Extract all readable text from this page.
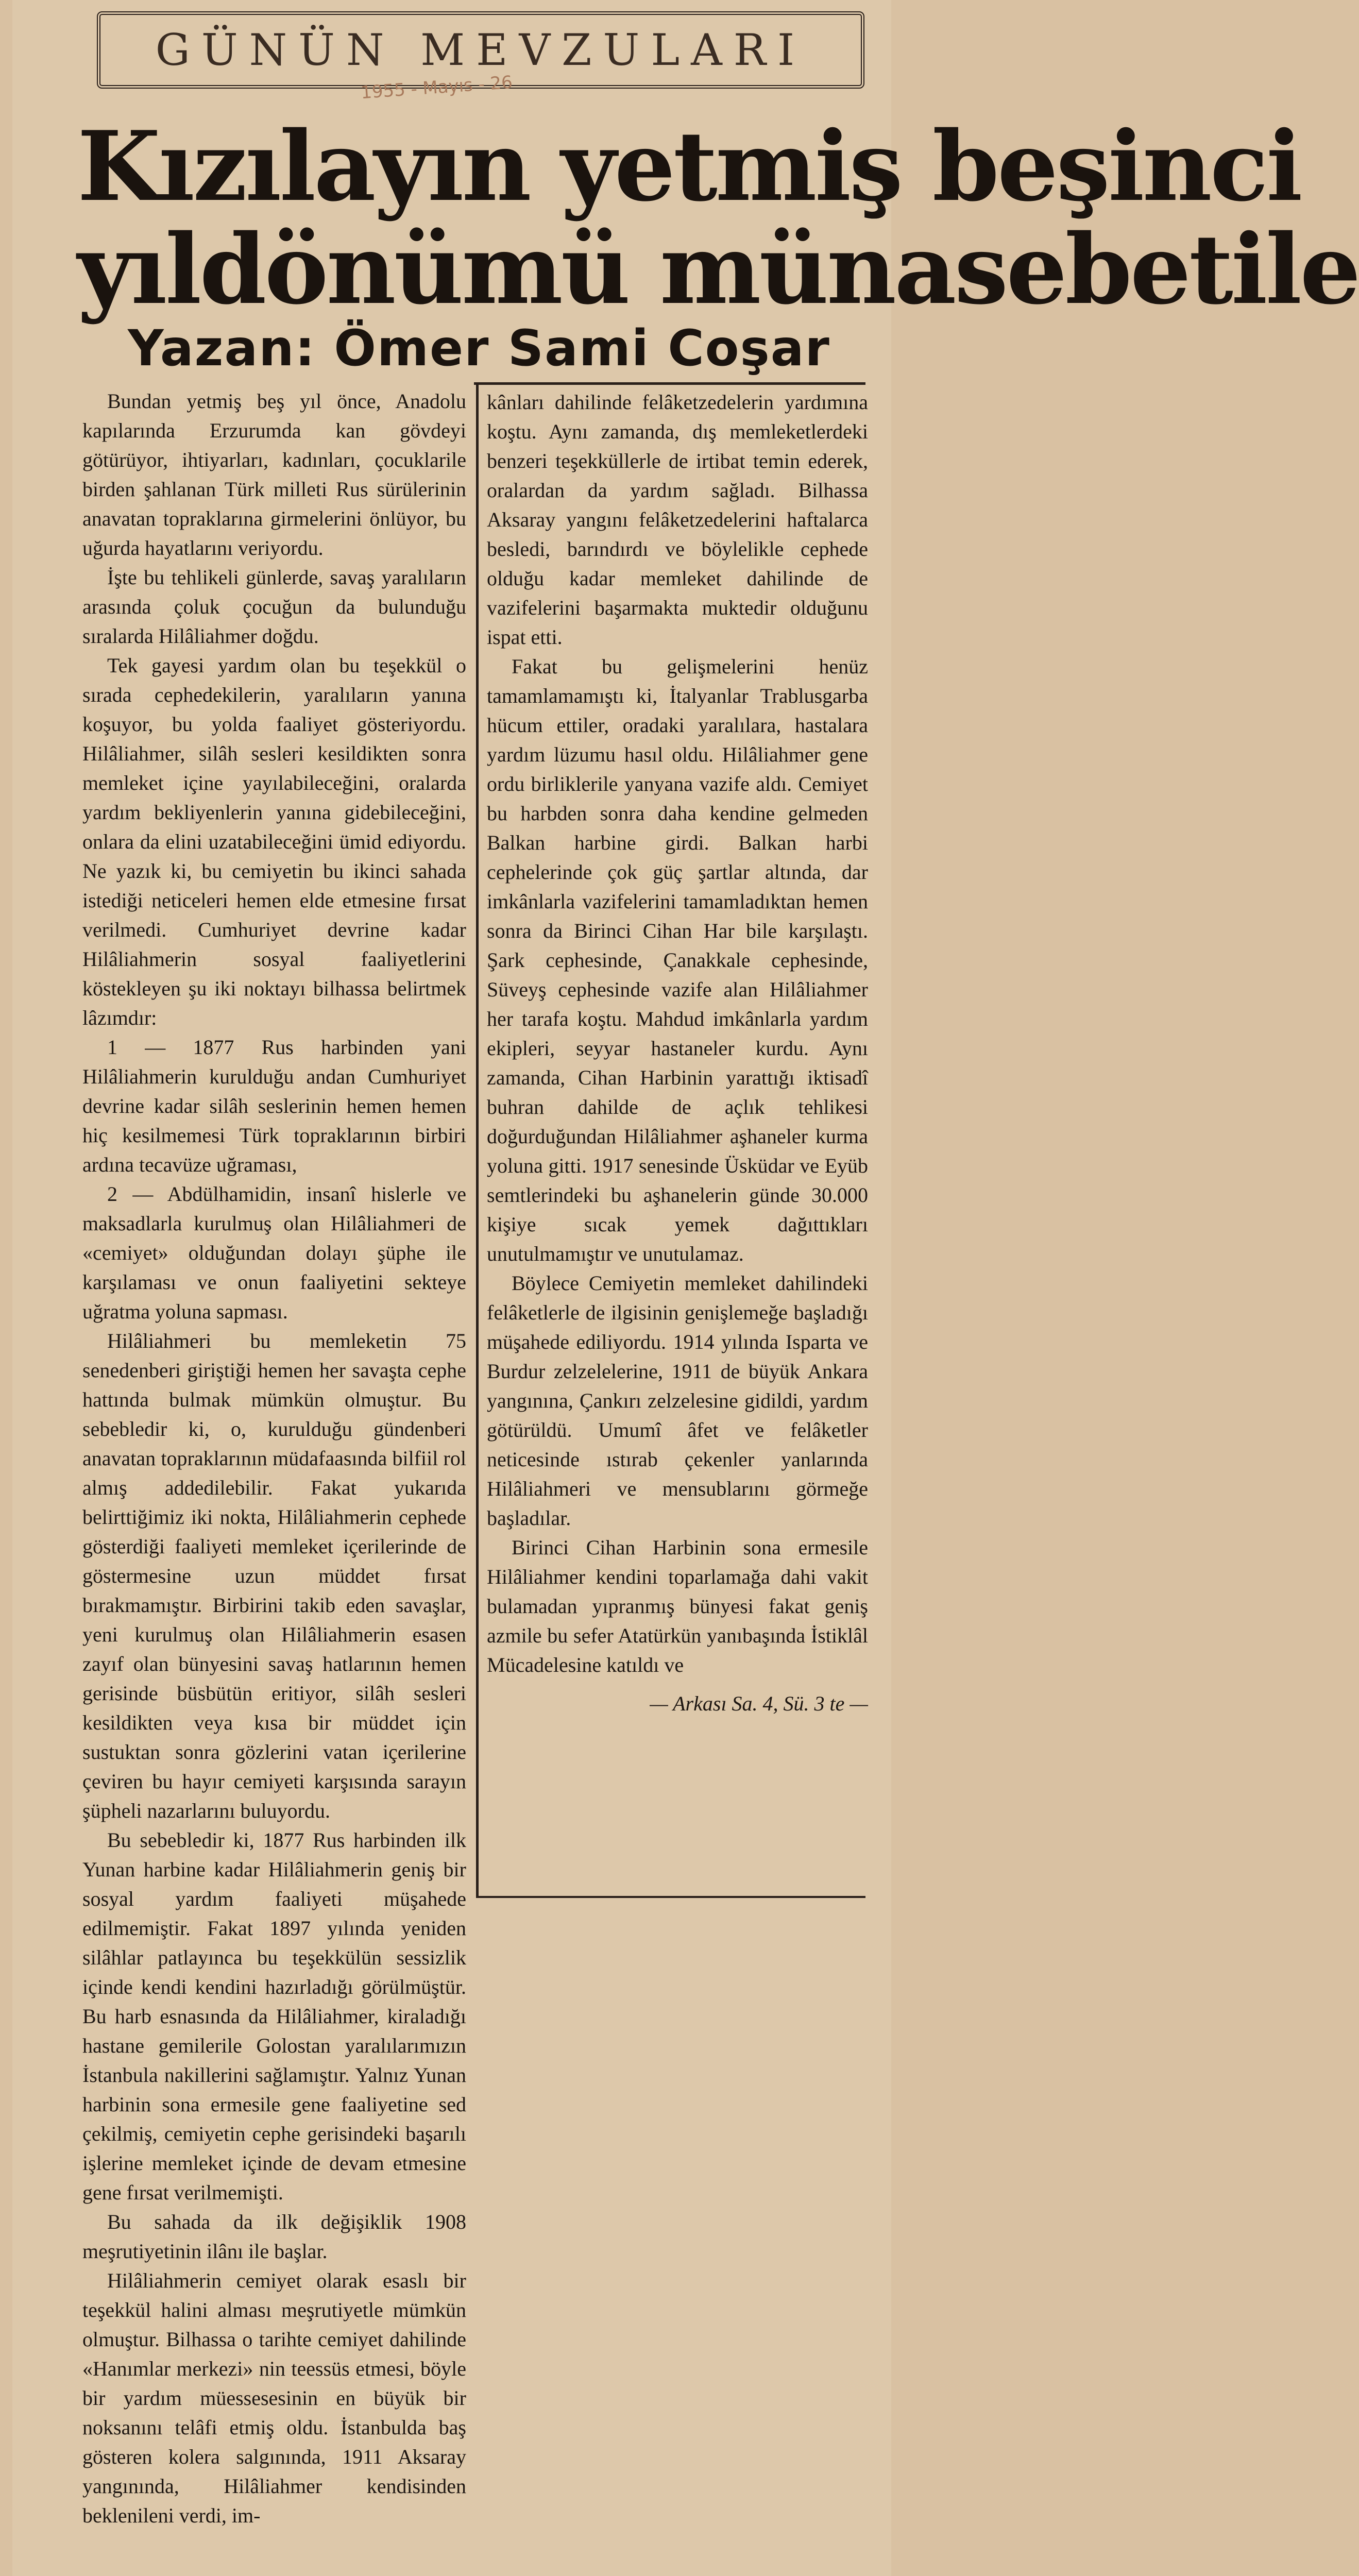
GÜNÜN MEVZULARI
1955 - Mayıs - 26
Kızılayın yetmiş beşinci
yıldönümü münasebetile
Yazan: Ömer Sami Coşar

Bundan yetmiş beş yıl önce, Anadolu kapılarında Erzurumda kan gövdeyi götürüyor, ihtiyarları, kadınları, çocuklarile birden şahlanan Türk milleti Rus sürülerinin anavatan topraklarına girmelerini önlüyor, bu uğurda hayatlarını veriyordu.

İşte bu tehlikeli günlerde, savaş yaralıların arasında çoluk çocuğun da bulunduğu sıralarda Hilâliahmer doğdu.

Tek gayesi yardım olan bu teşekkül o sırada cephedekilerin, yaralıların yanına koşuyor, bu yolda faaliyet gösteriyordu. Hilâliahmer, silâh sesleri kesildikten sonra memleket içine yayılabileceğini, oralarda yardım bekliyenlerin yanına gidebileceğini, onlara da elini uzatabileceğini ümid ediyordu. Ne yazık ki, bu cemiyetin bu ikinci sahada istediği neticeleri hemen elde etmesine fırsat verilmedi. Cumhuriyet devrine kadar Hilâliahmerin sosyal faaliyetlerini köstekleyen şu iki noktayı bilhassa belirtmek lâzımdır:

1 — 1877 Rus harbinden yani Hilâliahmerin kurulduğu andan Cumhuriyet devrine kadar silâh seslerinin hemen hemen hiç kesilmemesi Türk topraklarının birbiri ardına tecavüze uğraması,

2 — Abdülhamidin, insanî hislerle ve maksadlarla kurulmuş olan Hilâliahmeri de «cemiyet» olduğundan dolayı şüphe ile karşılaması ve onun faaliyetini sekteye uğratma yoluna sapması.

Hilâliahmeri bu memleketin 75 senedenberi giriştiği hemen her savaşta cephe hattında bulmak mümkün olmuştur. Bu sebebledir ki, o, kurulduğu gündenberi anavatan topraklarının müdafaasında bilfiil rol almış addedilebilir. Fakat yukarıda belirttiğimiz iki nokta, Hilâliahmerin cephede gösterdiği faaliyeti memleket içerilerinde de göstermesine uzun müddet fırsat bırakmamıştır. Birbirini takib eden savaşlar, yeni kurulmuş olan Hilâliahmerin esasen zayıf olan bünyesini savaş hatlarının hemen gerisinde büsbütün eritiyor, silâh sesleri kesildikten veya kısa bir müddet için sustuktan sonra gözlerini vatan içerilerine çeviren bu hayır cemiyeti karşısında sarayın şüpheli nazarlarını buluyordu.

Bu sebebledir ki, 1877 Rus harbinden ilk Yunan harbine kadar Hilâliahmerin geniş bir sosyal yardım faaliyeti müşahede edilmemiştir. Fakat 1897 yılında yeniden silâhlar patlayınca bu teşekkülün sessizlik içinde kendi kendini hazırladığı görülmüştür. Bu harb esnasında da Hilâliahmer, kiraladığı hastane gemilerile Golostan yaralılarımızın İstanbula nakillerini sağlamıştır. Yalnız Yunan harbinin sona ermesile gene faaliyetine sed çekilmiş, cemiyetin cephe gerisindeki başarılı işlerine memleket içinde de devam etmesine gene fırsat verilmemişti.

Bu sahada da ilk değişiklik 1908 meşrutiyetinin ilânı ile başlar.

Hilâliahmerin cemiyet olarak esaslı bir teşekkül halini alması meşrutiyetle mümkün olmuştur. Bilhassa o tarihte cemiyet dahilinde «Hanımlar merkezi» nin teessüs etmesi, böyle bir yardım müessesesinin en büyük bir noksanını telâfi etmiş oldu. İstanbulda baş gösteren kolera salgınında, 1911 Aksaray yangınında, Hilâliahmer kendisinden beklenileni verdi, im-

kânları dahilinde felâketzedelerin yardımına koştu. Aynı zamanda, dış memleketlerdeki benzeri teşekküllerle de irtibat temin ederek, oralardan da yardım sağladı. Bilhassa Aksaray yangını felâketzedelerini haftalarca besledi, barındırdı ve böylelikle cephede olduğu kadar memleket dahilinde de vazifelerini başarmakta muktedir olduğunu ispat etti.

Fakat bu gelişmelerini henüz tamamlamamıştı ki, İtalyanlar Trablusgarba hücum ettiler, oradaki yaralılara, hastalara yardım lüzumu hasıl oldu. Hilâliahmer gene ordu birliklerile yanyana vazife aldı. Cemiyet bu harbden sonra daha kendine gelmeden Balkan harbine girdi. Balkan harbi cephelerinde çok güç şartlar altında, dar imkânlarla vazifelerini tamamladıktan hemen sonra da Birinci Cihan Har bile karşılaştı. Şark cephesinde, Çanakkale cephesinde, Süveyş cephesinde vazife alan Hilâliahmer her tarafa koştu. Mahdud imkânlarla yardım ekipleri, seyyar hastaneler kurdu. Aynı zamanda, Cihan Harbinin yarattığı iktisadî buhran dahilde de açlık tehlikesi doğurduğundan Hilâliahmer aşhaneler kurma yoluna gitti. 1917 senesinde Üsküdar ve Eyüb semtlerindeki bu aşhanelerin günde 30.000 kişiye sıcak yemek dağıttıkları unutulmamıştır ve unutulamaz.

Böylece Cemiyetin memleket dahilindeki felâketlerle de ilgisinin genişlemeğe başladığı müşahede ediliyordu. 1914 yılında Isparta ve Burdur zelzelelerine, 1911 de büyük Ankara yangınına, Çankırı zelzelesine gidildi, yardım götürüldü. Umumî âfet ve felâketler neticesinde ıstırab çekenler yanlarında Hilâliahmeri ve mensublarını görmeğe başladılar.

Birinci Cihan Harbinin sona ermesile Hilâliahmer kendini toparlamağa dahi vakit bulamadan yıpranmış bünyesi fakat geniş azmile bu sefer Atatürkün yanıbaşında İstiklâl Mücadelesine katıldı ve

— Arkası Sa. 4, Sü. 3 te —
